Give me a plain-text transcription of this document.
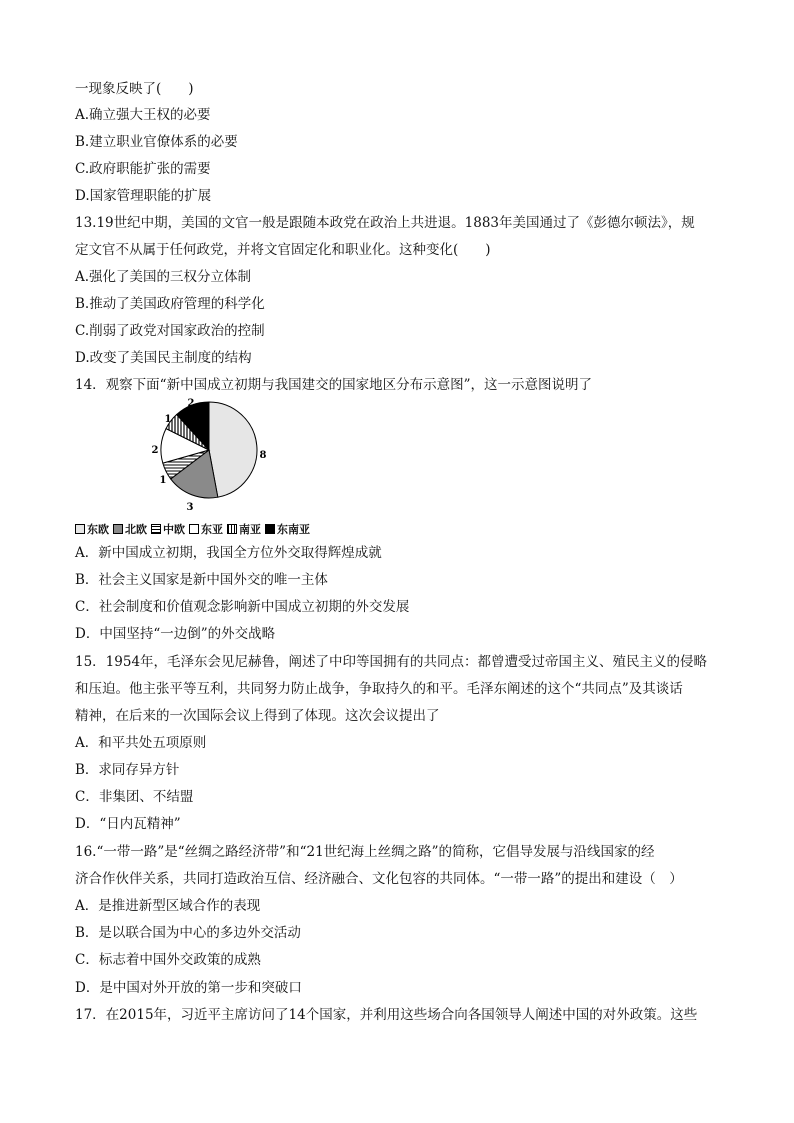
一现象反映了(　　)
A.确立强大王权的必要
B.建立职业官僚体系的必要
C.政府职能扩张的需要
D.国家管理职能的扩展
13.19世纪中期，美国的文官一般是跟随本政党在政治上共进退。1883年美国通过了《彭德尔顿法》，规
定文官不从属于任何政党，并将文官固定化和职业化。这种变化(　　)
A.强化了美国的三权分立体制
B.推动了美国政府管理的科学化
C.削弱了政党对国家政治的控制
D.改变了美国民主制度的结构
14．观察下面“新中国成立初期与我国建交的国家地区分布示意图”，这一示意图说明了
A．新中国成立初期，我国全方位外交取得辉煌成就
B．社会主义国家是新中国外交的唯一主体
C．社会制度和价值观念影响新中国成立初期的外交发展
D．中国坚持“一边倒”的外交战略
15．1954年，毛泽东会见尼赫鲁，阐述了中印等国拥有的共同点：都曾遭受过帝国主义、殖民主义的侵略
和压迫。他主张平等互利，共同努力防止战争，争取持久的和平。毛泽东阐述的这个“共同点”及其谈话
精神，在后来的一次国际会议上得到了体现。这次会议提出了
A．和平共处五项原则
B．求同存异方针
C．非集团、不结盟
D．“日内瓦精神”
16.“一带一路”是“丝绸之路经济带”和“21世纪海上丝绸之路”的简称，它倡导发展与沿线国家的经
济合作伙伴关系，共同打造政治互信、经济融合、文化包容的共同体。“一带一路”的提出和建设（　）
A．是推进新型区域合作的表现
B．是以联合国为中心的多边外交活动
C．标志着中国外交政策的成熟
D．是中国对外开放的第一步和突破口
17．在2015年，习近平主席访问了14个国家，并利用这些场合向各国领导人阐述中国的对外政策。这些
8
3
1
2
1
2
东欧 北欧 中欧 东亚 南亚 东南亚
